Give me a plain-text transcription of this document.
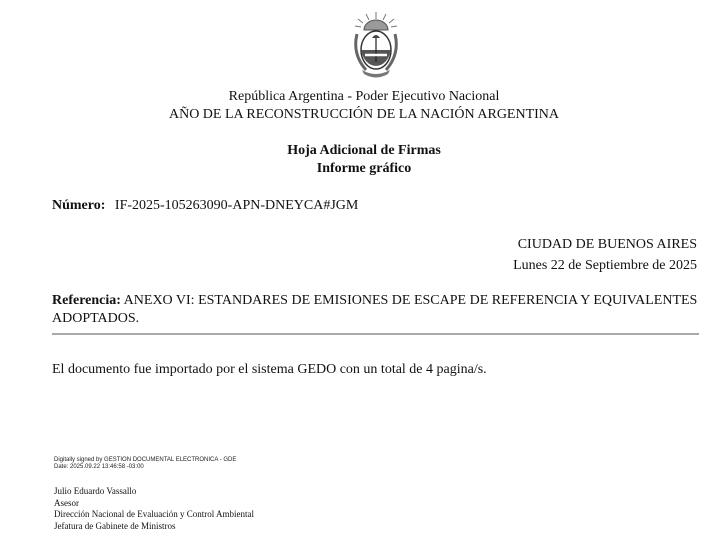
República Argentina - Poder Ejecutivo Nacional
AÑO DE LA RECONSTRUCCIÓN DE LA NACIÓN ARGENTINA
Hoja Adicional de Firmas
Informe gráfico
Número: IF-2025-105263090-APN-DNEYCA#JGM
CIUDAD DE BUENOS AIRES
Lunes 22 de Septiembre de 2025
Referencia: ANEXO VI: ESTANDARES DE EMISIONES DE ESCAPE DE REFERENCIA Y EQUIVALENTES ADOPTADOS.
El documento fue importado por el sistema GEDO con un total de 4 pagina/s.
Digitally signed by GESTION DOCUMENTAL ELECTRONICA - GDE
Date: 2025.09.22 13:46:58 -03:00
Julio Eduardo Vassallo
Asesor
Dirección Nacional de Evaluación y Control Ambiental
Jefatura de Gabinete de Ministros
